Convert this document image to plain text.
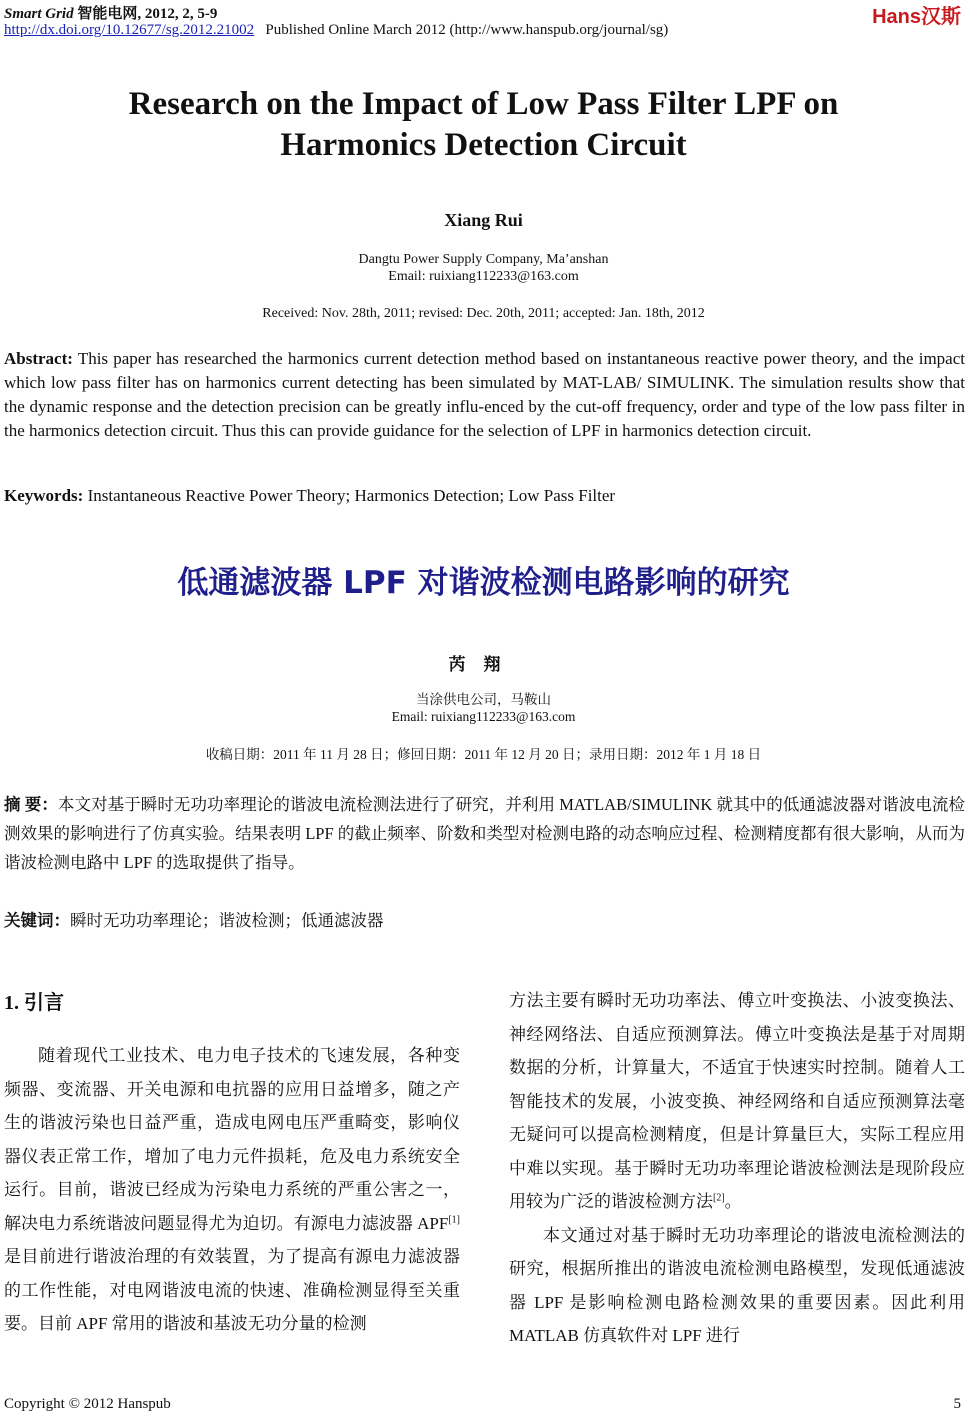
Smart Grid 智能电网, 2012, 2, 5-9
http://dx.doi.org/10.12677/sg.2012.21002 Published Online March 2012 (http://www.hanspub.org/journal/sg)
Hans汉斯
Research on the Impact of Low Pass Filter LPF on
Harmonics Detection Circuit
Xiang Rui
Dangtu Power Supply Company, Ma’anshan
Email: ruixiang112233@163.com
Received: Nov. 28th, 2011; revised: Dec. 20th, 2011; accepted: Jan. 18th, 2012
Abstract: This paper has researched the harmonics current detection method based on instantaneous reactive power theory, and the impact which low pass filter has on harmonics current detecting has been simulated by MAT-LAB/ SIMULINK. The simulation results show that the dynamic response and the detection precision can be greatly influ-enced by the cut-off frequency, order and type of the low pass filter in the harmonics detection circuit. Thus this can provide guidance for the selection of LPF in harmonics detection circuit.
Keywords: Instantaneous Reactive Power Theory; Harmonics Detection; Low Pass Filter
低通滤波器 LPF 对谐波检测电路影响的研究
芮翔
当涂供电公司，马鞍山
Email: ruixiang112233@163.com
收稿日期：2011 年 11 月 28 日；修回日期：2011 年 12 月 20 日；录用日期：2012 年 1 月 18 日
摘 要：本文对基于瞬时无功功率理论的谐波电流检测法进行了研究，并利用 MATLAB/SIMULINK 就其中的低通滤波器对谐波电流检测效果的影响进行了仿真实验。结果表明 LPF 的截止频率、阶数和类型对检测电路的动态响应过程、检测精度都有很大影响，从而为谐波检测电路中 LPF 的选取提供了指导。
关键词：瞬时无功功率理论；谐波检测；低通滤波器
1. 引言
随着现代工业技术、电力电子技术的飞速发展，各种变频器、变流器、开关电源和电抗器的应用日益增多，随之产生的谐波污染也日益严重，造成电网电压严重畸变，影响仪器仪表正常工作，增加了电力元件损耗，危及电力系统安全运行。目前，谐波已经成为污染电力系统的严重公害之一，解决电力系统谐波问题显得尤为迫切。有源电力滤波器 APF[1]是目前进行谐波治理的有效装置，为了提高有源电力滤波器的工作性能，对电网谐波电流的快速、准确检测显得至关重要。目前 APF 常用的谐波和基波无功分量的检测
方法主要有瞬时无功功率法、傅立叶变换法、小波变换法、神经网络法、自适应预测算法。傅立叶变换法是基于对周期数据的分析，计算量大，不适宜于快速实时控制。随着人工智能技术的发展，小波变换、神经网络和自适应预测算法毫无疑问可以提高检测精度，但是计算量巨大，实际工程应用中难以实现。基于瞬时无功功率理论谐波检测法是现阶段应用较为广泛的谐波检测方法[2]。
本文通过对基于瞬时无功功率理论的谐波电流检测法的研究，根据所推出的谐波电流检测电路模型，发现低通滤波器 LPF 是影响检测电路检测效果的重要因素。因此利用 MATLAB 仿真软件对 LPF 进行
Copyright © 2012 Hanspub	5
